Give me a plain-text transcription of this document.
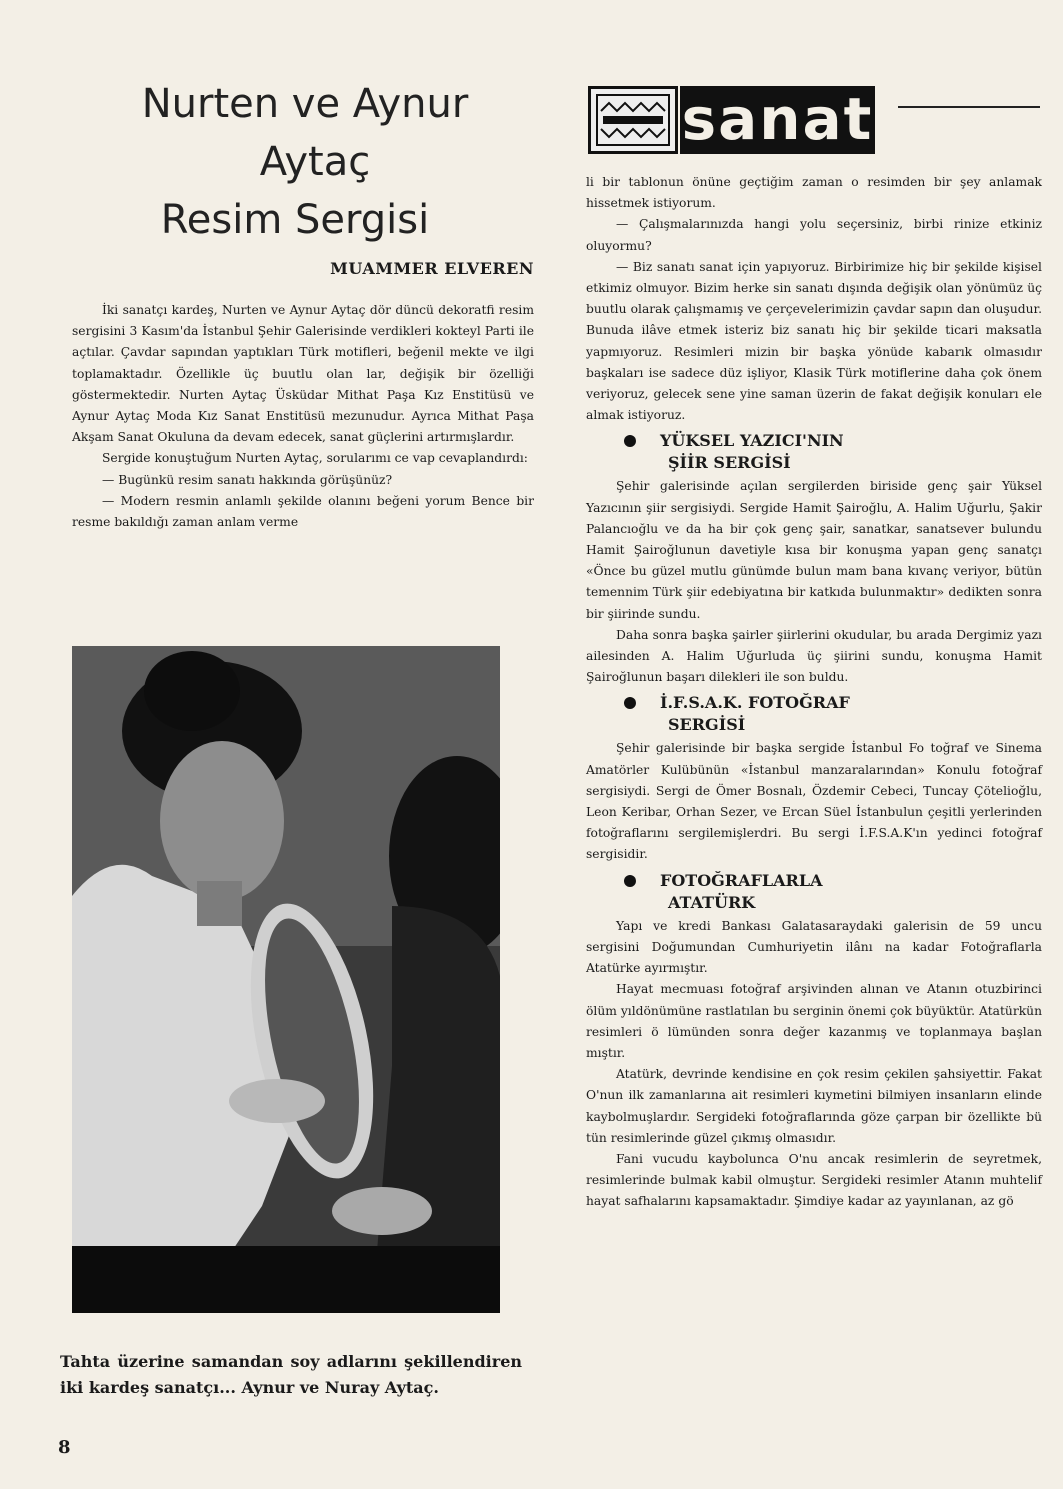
Nurten ve Aynur
Aytaç
Resim Sergisi
MUAMMER ELVEREN

İki sanatçı kardeş, Nurten ve Aynur Aytaç dör düncü dekoratfi resim sergisini 3 Kasım'da İstanbul Şehir Galerisinde verdikleri kokteyl Parti ile açtılar. Çavdar sapından yaptıkları Türk motifleri, beğenil mekte ve ilgi toplamaktadır. Özellikle üç buutlu olan lar, değişik bir özelliği göstermektedir. Nurten Aytaç Üsküdar Mithat Paşa Kız Enstitüsü ve Aynur Aytaç Moda Kız Sanat Enstitüsü mezunudur. Ayrıca Mithat Paşa Akşam Sanat Okuluna da devam edecek, sanat güçlerini artırmışlardır.

Sergide konuştuğum Nurten Aytaç, sorularımı ce vap cevaplandırdı:

— Bugünkü resim sanatı hakkında görüşünüz?

— Modern resmin anlamlı şekilde olanını beğeni yorum Bence bir resme bakıldığı zaman anlam verme

Tahta üzerine samandan soy adlarını şekillendiren iki kardeş sanatçı... Aynur ve Nuray Aytaç.
8
sanat

li bir tablonun önüne geçtiğim zaman o resimden bir şey anlamak hissetmek istiyorum.

— Çalışmalarınızda hangi yolu seçersiniz, birbi rinize etkiniz oluyormu?

— Biz sanatı sanat için yapıyoruz. Birbirimize hiç bir şekilde kişisel etkimiz olmuyor. Bizim herke sin sanatı dışında değişik olan yönümüz üç buutlu olarak çalışmamış ve çerçevelerimizin çavdar sapın dan oluşudur. Bunuda ilâve etmek isteriz biz sanatı hiç bir şekilde ticari maksatla yapmıyoruz. Resimleri mizin bir başka yönüde kabarık olmasıdır başkaları ise sadece düz işliyor, Klasik Türk motiflerine daha çok önem veriyoruz, gelecek sene yine saman üzerin de fakat değişik konuları ele almak istiyoruz.

YÜKSEL YAZICI'NIN
ŞİİR SERGİSİ

Şehir galerisinde açılan sergilerden biriside genç şair Yüksel Yazıcının şiir sergisiydi. Sergide Hamit Şairoğlu, A. Halim Uğurlu, Şakir Palancıoğlu ve da ha bir çok genç şair, sanatkar, sanatsever bulundu Hamit Şairoğlunun davetiyle kısa bir konuşma yapan genç sanatçı «Önce bu güzel mutlu günümde bulun mam bana kıvanç veriyor, bütün temennim Türk şiir edebiyatına bir katkıda bulunmaktır» dedikten sonra bir şiirinde sundu.

Daha sonra başka şairler şiirlerini okudular, bu arada Dergimiz yazı ailesinden A. Halim Uğurluda üç şiirini sundu, konuşma Hamit Şairoğlunun başarı dilekleri ile son buldu.

İ.F.S.A.K. FOTOĞRAF
SERGİSİ

Şehir galerisinde bir başka sergide İstanbul Fo toğraf ve Sinema Amatörler Kulübünün «İstanbul manzaralarından» Konulu fotoğraf sergisiydi. Sergi de Ömer Bosnalı, Özdemir Cebeci, Tuncay Çötelioğlu, Leon Keribar, Orhan Sezer, ve Ercan Süel İstanbulun çeşitli yerlerinden fotoğraflarını sergilemişlerdri. Bu sergi İ.F.S.A.K'ın yedinci fotoğraf sergisidir.

FOTOĞRAFLARLA
ATATÜRK

Yapı ve kredi Bankası Galatasaraydaki galerisin de 59 uncu sergisini Doğumundan Cumhuriyetin ilânı na kadar Fotoğraflarla Atatürke ayırmıştır.

Hayat mecmuası fotoğraf arşivinden alınan ve Atanın otuzbirinci ölüm yıldönümüne rastlatılan bu serginin önemi çok büyüktür. Atatürkün resimleri ö lümünden sonra değer kazanmış ve toplanmaya başlan mıştır.

Atatürk, devrinde kendisine en çok resim çekilen şahsiyettir. Fakat O'nun ilk zamanlarına ait resimleri kıymetini bilmiyen insanların elinde kaybolmuşlardır. Sergideki fotoğraflarında göze çarpan bir özellikte bü tün resimlerinde güzel çıkmış olmasıdır.

Fani vucudu kaybolunca O'nu ancak resimlerin de seyretmek, resimlerinde bulmak kabil olmuştur. Sergideki resimler Atanın muhtelif hayat safhalarını kapsamaktadır. Şimdiye kadar az yayınlanan, az gö
